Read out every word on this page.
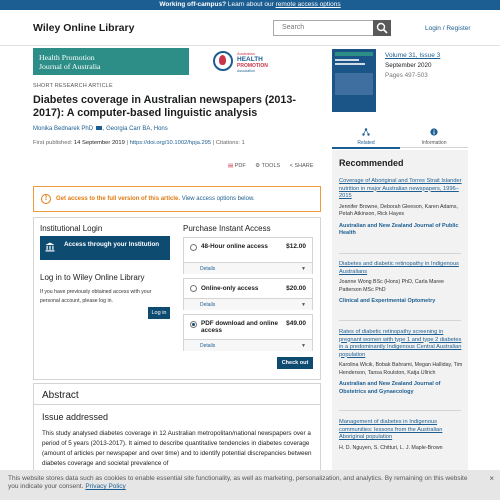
Working off-campus? Learn about our remote access options
Wiley Online Library	Search	Login / Register
Health Promotion
Journal of Australia
Australian
HEALTH
PROMOTION
Association
SHORT RESEARCH ARTICLE
Diabetes coverage in Australian newspapers (2013-2017): A computer-based linguistic analysis
Monika Bednarek PhD , Georgia Carr BA, Hons
First published: 14 September 2019 | https://doi.org/10.1002/hpja.295 | Citations: 1
▤ PDF ⚙ TOOLS < SHARE
!	Get access to the full version of this article. View access options below.
Institutional Login
Access through your Institution
Log in to Wiley Online Library
If you have previously obtained access with your personal account, please log in.
Log in
Purchase Instant Access
48-Hour online access	$12.00
Details	▼
Online-only access	$20.00
Details	▼
PDF download and online access
$49.00
Details	▼
Check out
Abstract
Issue addressed
This study analysed diabetes coverage in 12 Australian metropolitan/national newspapers over a period of 5 years (2013-2017). It aimed to describe quantitative tendencies in diabetes coverage (amount of articles per newspaper and over time) and to identify potential discrepancies between diabetes coverage and societal prevalence of
Volume 31, Issue 3
September 2020
Pages 497-503
Related	Information
Recommended
Coverage of Aboriginal and Torres Strait Islander nutrition in major Australian newspapers, 1996–2015
Jennifer Browne, Deborah Gleeson, Karen Adams, Petah Atkinson, Rick Hayes
Australian and New Zealand Journal of Public Health
Diabetes and diabetic retinopathy in Indigenous Australians
Joanne Wong BSc (Hons) PhD, Carla Maree Patterson MSc PhD
Clinical and Experimental Optometry
Rates of diabetic retinopathy screening in pregnant women with type 1 and type 2 diabetes in a predominantly Indigenous Central Australian population
Karolina Wicik, Bobak Bahrami, Megan Halliday, Tim Henderson, Tansa Roulston, Katja Ullrich
Australian and New Zealand Journal of Obstetrics and Gynaecology
Management of diabetes in Indigenous communities: lessons from the Australian Aboriginal population
H. D. Nguyen, S. Chitturi, L. J. Maple-Brown
This website stores data such as cookies to enable essential site functionality, as well as marketing, personalization, and analytics. By remaining on this website you indicate your consent. Privacy Policy
×
